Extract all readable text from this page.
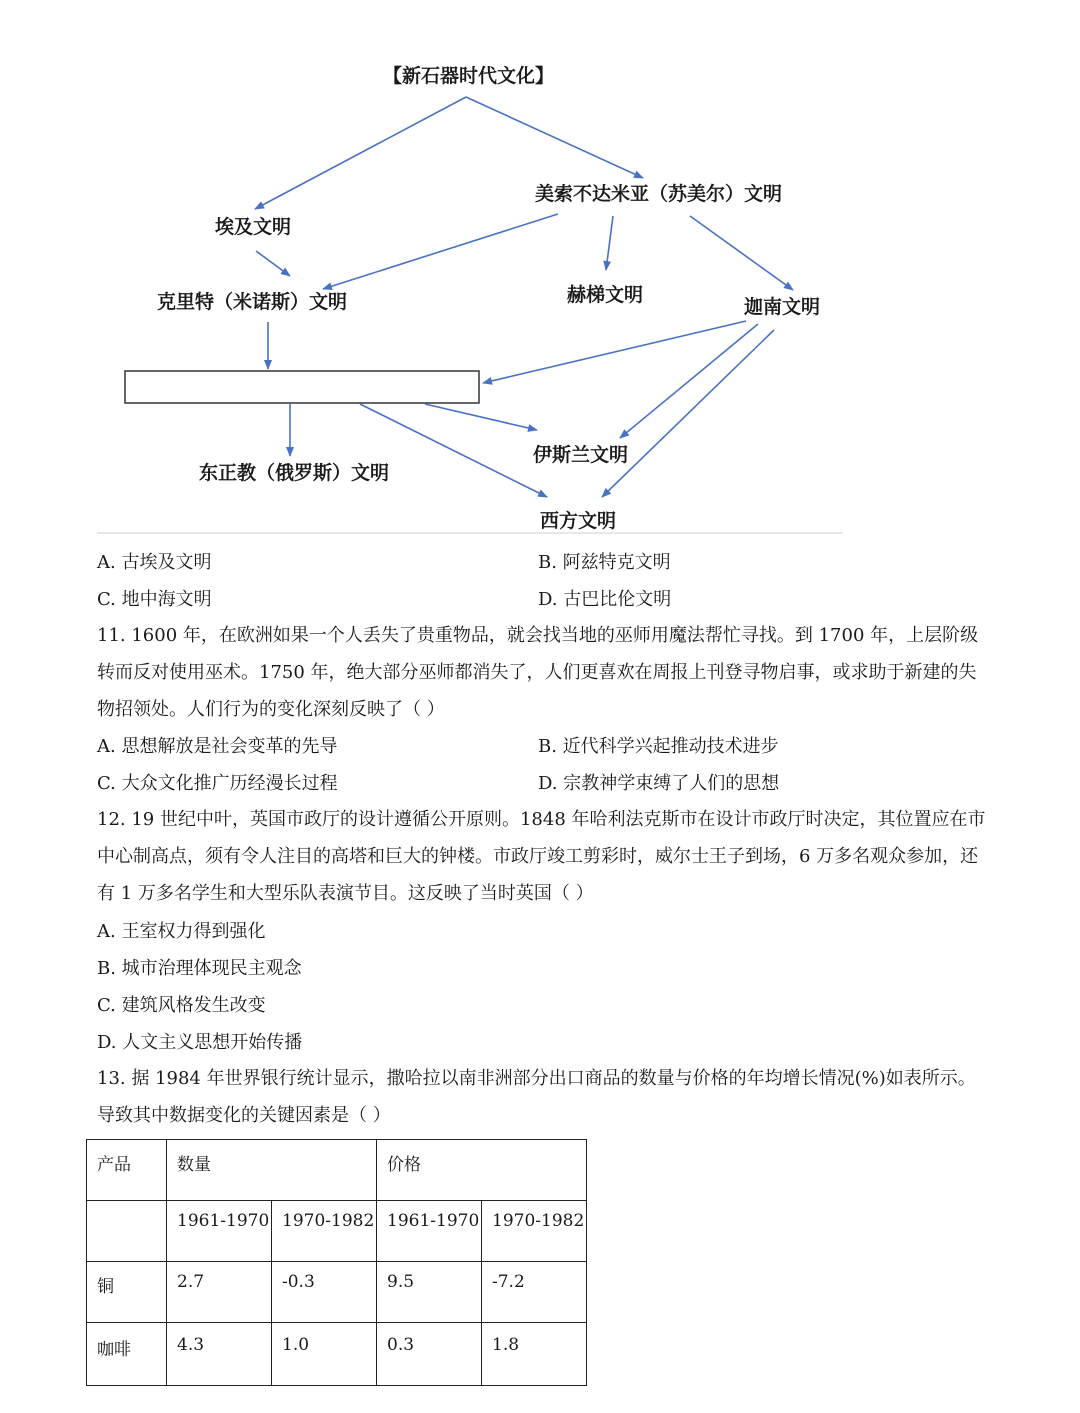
【新石器时代文化】
美索不达米亚（苏美尔）文明
埃及文明
克里特（米诺斯）文明	赫梯文明
迦南文明
东正教（俄罗斯）文明
伊斯兰文明
西方文明
A. 古埃及文明	B. 阿兹特克文明
C. 地中海文明	D. 古巴比伦文明
11. 1600 年，在欧洲如果一个人丢失了贵重物品，就会找当地的巫师用魔法帮忙寻找。到 1700 年，上层阶级转而反对使用巫术。1750 年，绝大部分巫师都消失了，人们更喜欢在周报上刊登寻物启事，或求助于新建的失物招领处。人们行为的变化深刻反映了（ ）
A. 思想解放是社会变革的先导	B. 近代科学兴起推动技术进步
C. 大众文化推广历经漫长过程	D. 宗教神学束缚了人们的思想
12. 19 世纪中叶，英国市政厅的设计遵循公开原则。1848 年哈利法克斯市在设计市政厅时决定，其位置应在市中心制高点，须有令人注目的高塔和巨大的钟楼。市政厅竣工剪彩时，威尔士王子到场，6 万多名观众参加，还有 1 万多名学生和大型乐队表演节目。这反映了当时英国（ ）
A. 王室权力得到强化
B. 城市治理体现民主观念
C. 建筑风格发生改变
D. 人文主义思想开始传播
13. 据 1984 年世界银行统计显示，撒哈拉以南非洲部分出口商品的数量与价格的年均增长情况(%)如表所示。导致其中数据变化的关键因素是（ ）
产品	数量		价格	
	1961-1970	1970-1982	1961-1970	1970-1982
铜	2.7	-0.3	9.5	-7.2
咖啡	4.3	1.0	0.3	1.8
